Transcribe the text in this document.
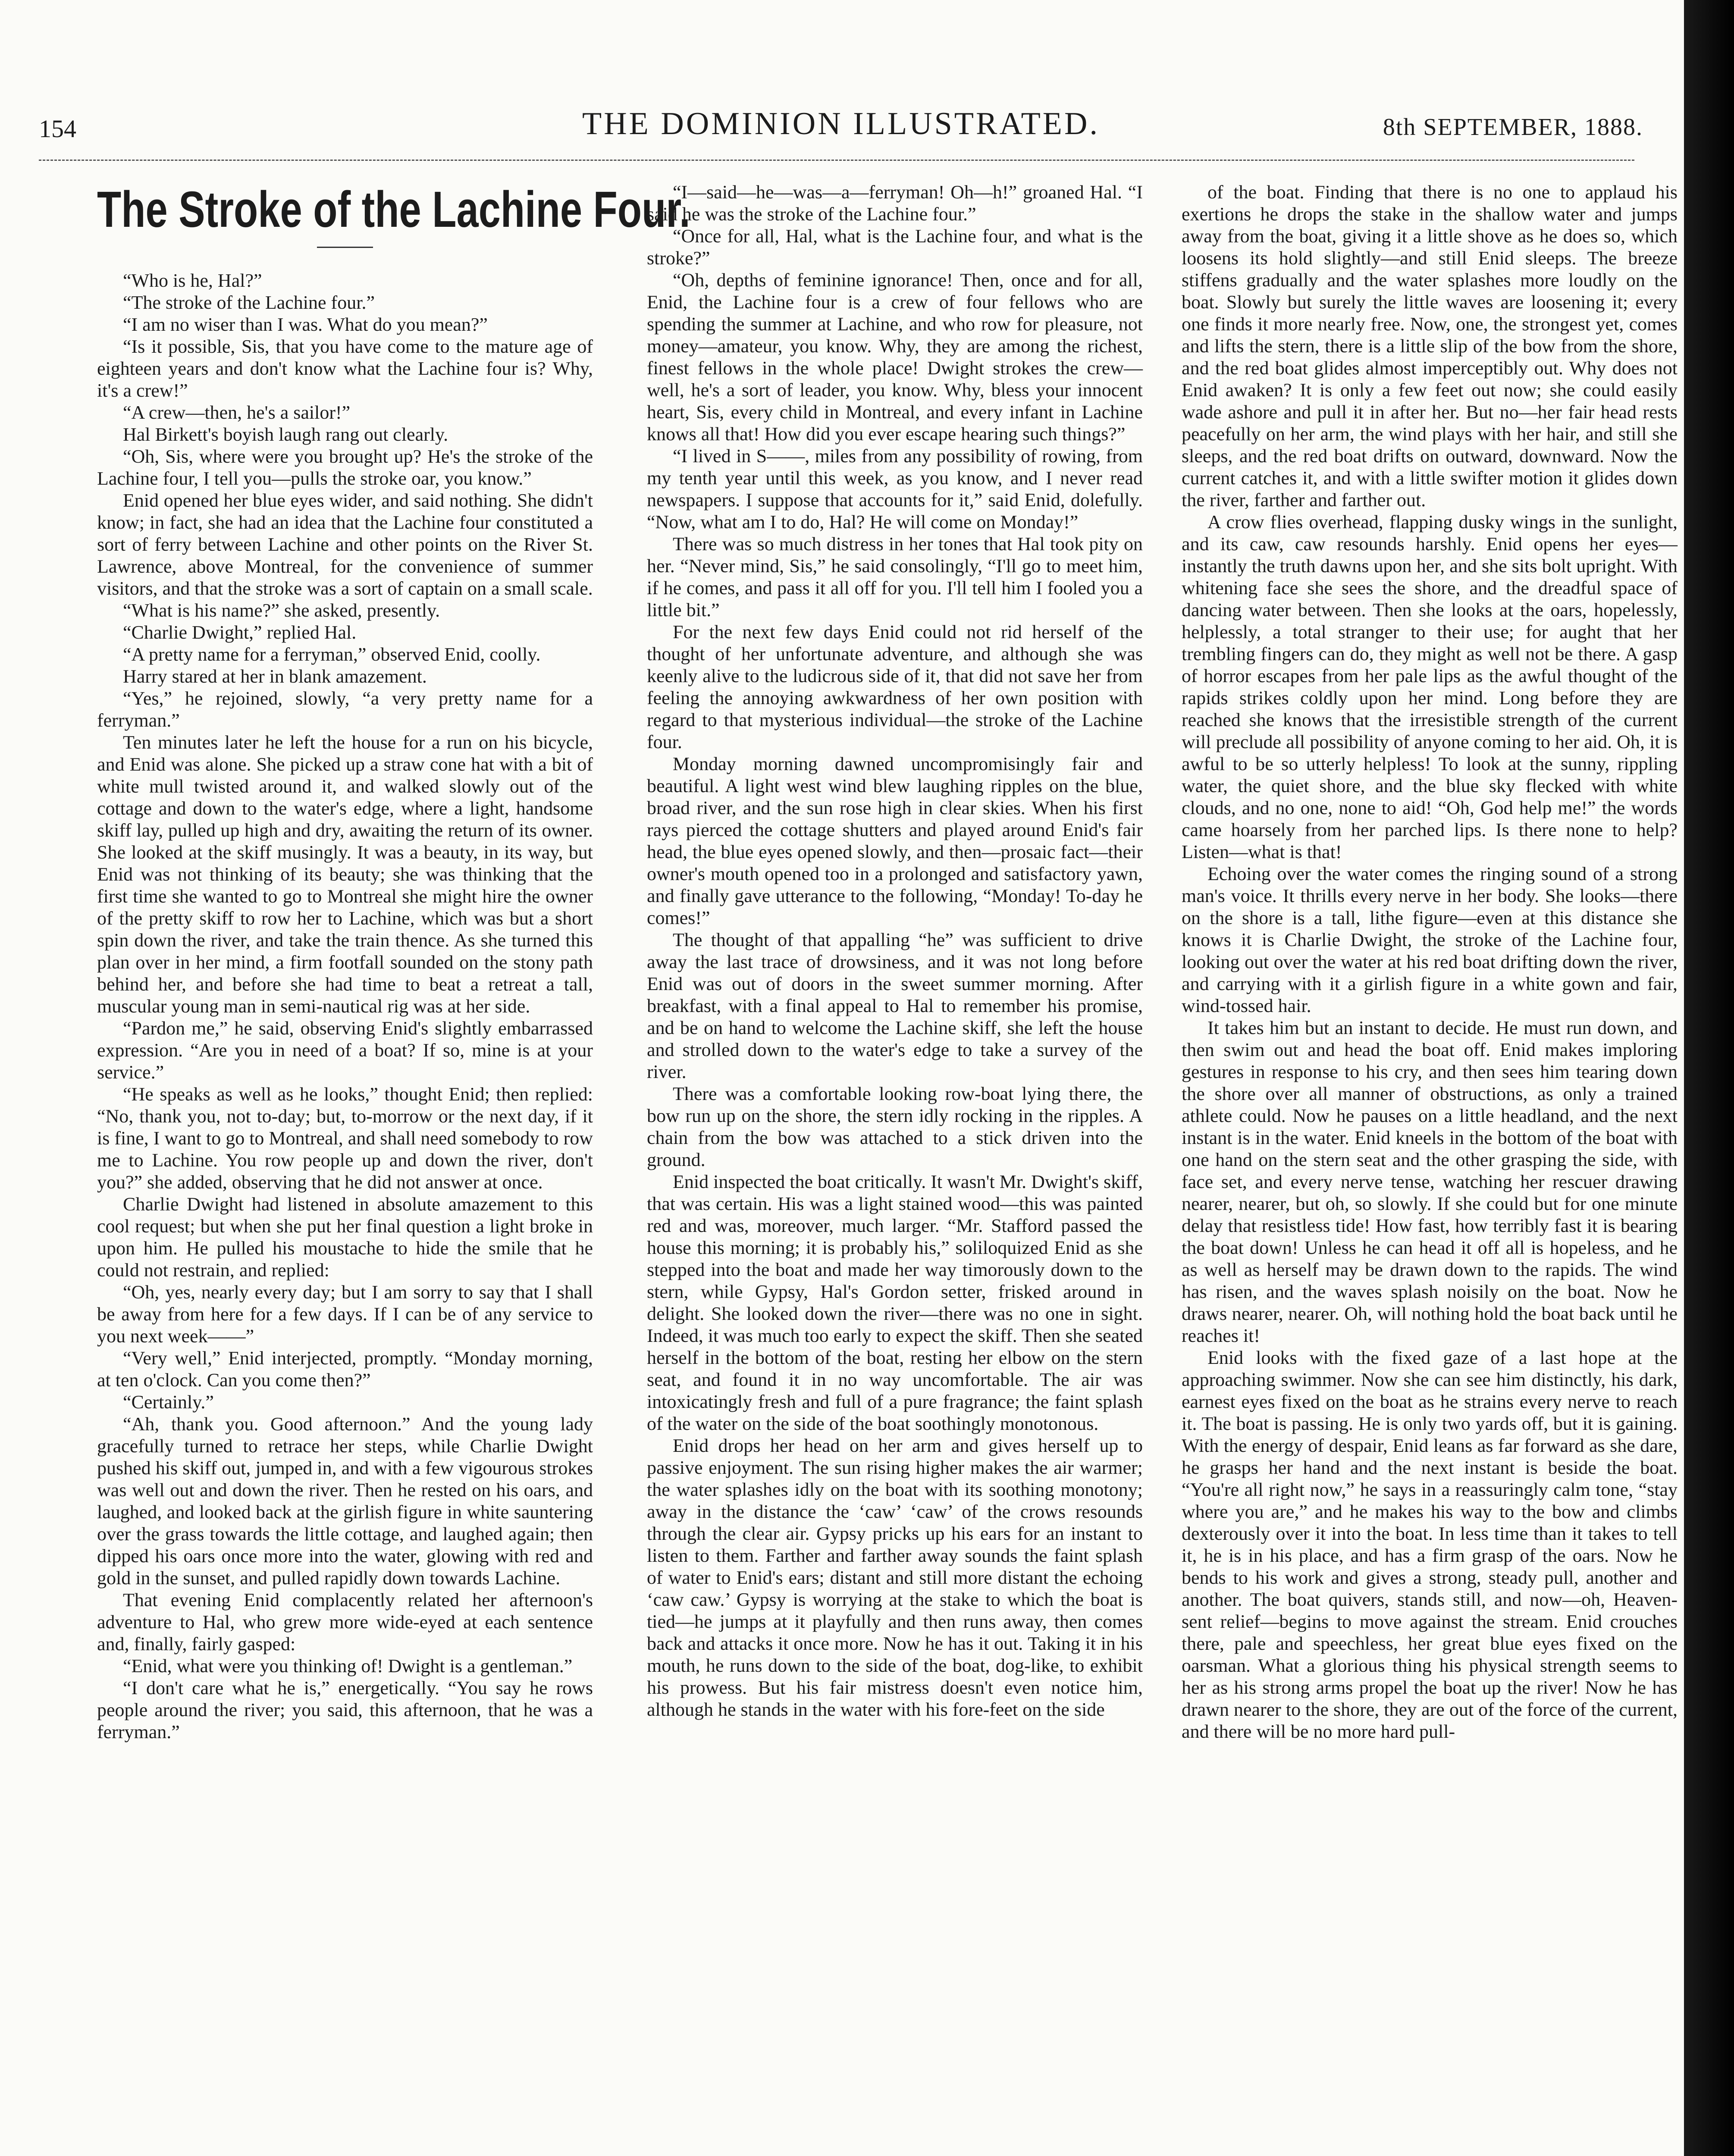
154	THE DOMINION ILLUSTRATED.	8th SEPTEMBER, 1888.
The Stroke of the Lachine Four.

“Who is he, Hal?”

“The stroke of the Lachine four.”

“I am no wiser than I was. What do you mean?”

“Is it possible, Sis, that you have come to the mature age of eighteen years and don't know what the Lachine four is? Why, it's a crew!”

“A crew—then, he's a sailor!”

Hal Birkett's boyish laugh rang out clearly.

“Oh, Sis, where were you brought up? He's the stroke of the Lachine four, I tell you—pulls the stroke oar, you know.”

Enid opened her blue eyes wider, and said nothing. She didn't know; in fact, she had an idea that the Lachine four constituted a sort of ferry between Lachine and other points on the River St. Lawrence, above Montreal, for the convenience of summer visitors, and that the stroke was a sort of captain on a small scale.

“What is his name?” she asked, presently.

“Charlie Dwight,” replied Hal.

“A pretty name for a ferryman,” observed Enid, coolly.

Harry stared at her in blank amazement.

“Yes,” he rejoined, slowly, “a very pretty name for a ferryman.”

Ten minutes later he left the house for a run on his bicycle, and Enid was alone. She picked up a straw cone hat with a bit of white mull twisted around it, and walked slowly out of the cottage and down to the water's edge, where a light, handsome skiff lay, pulled up high and dry, awaiting the return of its owner. She looked at the skiff musingly. It was a beauty, in its way, but Enid was not thinking of its beauty; she was thinking that the first time she wanted to go to Montreal she might hire the owner of the pretty skiff to row her to Lachine, which was but a short spin down the river, and take the train thence. As she turned this plan over in her mind, a firm footfall sounded on the stony path behind her, and before she had time to beat a retreat a tall, muscular young man in semi-nautical rig was at her side.

“Pardon me,” he said, observing Enid's slightly embarrassed expression. “Are you in need of a boat? If so, mine is at your service.”

“He speaks as well as he looks,” thought Enid; then replied: “No, thank you, not to-day; but, to-morrow or the next day, if it is fine, I want to go to Montreal, and shall need somebody to row me to Lachine. You row people up and down the river, don't you?” she added, observing that he did not answer at once.

Charlie Dwight had listened in absolute amazement to this cool request; but when she put her final question a light broke in upon him. He pulled his moustache to hide the smile that he could not restrain, and replied:

“Oh, yes, nearly every day; but I am sorry to say that I shall be away from here for a few days. If I can be of any service to you next week——”

“Very well,” Enid interjected, promptly. “Monday morning, at ten o'clock. Can you come then?”

“Certainly.”

“Ah, thank you. Good afternoon.” And the young lady gracefully turned to retrace her steps, while Charlie Dwight pushed his skiff out, jumped in, and with a few vigourous strokes was well out and down the river. Then he rested on his oars, and laughed, and looked back at the girlish figure in white sauntering over the grass towards the little cottage, and laughed again; then dipped his oars once more into the water, glowing with red and gold in the sunset, and pulled rapidly down towards Lachine.

That evening Enid complacently related her afternoon's adventure to Hal, who grew more wide-eyed at each sentence and, finally, fairly gasped:

“Enid, what were you thinking of! Dwight is a gentleman.”

“I don't care what he is,” energetically. “You say he rows people around the river; you said, this afternoon, that he was a ferryman.”

“I—said—he—was—a—ferryman! Oh—h!” groaned Hal. “I said he was the stroke of the Lachine four.”

“Once for all, Hal, what is the Lachine four, and what is the stroke?”

“Oh, depths of feminine ignorance! Then, once and for all, Enid, the Lachine four is a crew of four fellows who are spending the summer at Lachine, and who row for pleasure, not money—amateur, you know. Why, they are among the richest, finest fellows in the whole place! Dwight strokes the crew—well, he's a sort of leader, you know. Why, bless your innocent heart, Sis, every child in Montreal, and every infant in Lachine knows all that! How did you ever escape hearing such things?”

“I lived in S——, miles from any possibility of rowing, from my tenth year until this week, as you know, and I never read newspapers. I suppose that accounts for it,” said Enid, dolefully. “Now, what am I to do, Hal? He will come on Monday!”

There was so much distress in her tones that Hal took pity on her. “Never mind, Sis,” he said consolingly, “I'll go to meet him, if he comes, and pass it all off for you. I'll tell him I fooled you a little bit.”

For the next few days Enid could not rid herself of the thought of her unfortunate adventure, and although she was keenly alive to the ludicrous side of it, that did not save her from feeling the annoying awkwardness of her own position with regard to that mysterious individual—the stroke of the Lachine four.

Monday morning dawned uncompromisingly fair and beautiful. A light west wind blew laughing ripples on the blue, broad river, and the sun rose high in clear skies. When his first rays pierced the cottage shutters and played around Enid's fair head, the blue eyes opened slowly, and then—prosaic fact—their owner's mouth opened too in a prolonged and satisfactory yawn, and finally gave utterance to the following, “Monday! To-day he comes!”

The thought of that appalling “he” was sufficient to drive away the last trace of drowsiness, and it was not long before Enid was out of doors in the sweet summer morning. After breakfast, with a final appeal to Hal to remember his promise, and be on hand to welcome the Lachine skiff, she left the house and strolled down to the water's edge to take a survey of the river.

There was a comfortable looking row-boat lying there, the bow run up on the shore, the stern idly rocking in the ripples. A chain from the bow was attached to a stick driven into the ground.

Enid inspected the boat critically. It wasn't Mr. Dwight's skiff, that was certain. His was a light stained wood—this was painted red and was, moreover, much larger. “Mr. Stafford passed the house this morning; it is probably his,” soliloquized Enid as she stepped into the boat and made her way timorously down to the stern, while Gypsy, Hal's Gordon setter, frisked around in delight. She looked down the river—there was no one in sight. Indeed, it was much too early to expect the skiff. Then she seated herself in the bottom of the boat, resting her elbow on the stern seat, and found it in no way uncomfortable. The air was intoxicatingly fresh and full of a pure fragrance; the faint splash of the water on the side of the boat soothingly monotonous.

Enid drops her head on her arm and gives herself up to passive enjoyment. The sun rising higher makes the air warmer; the water splashes idly on the boat with its soothing monotony; away in the distance the ‘caw’ ‘caw’ of the crows resounds through the clear air. Gypsy pricks up his ears for an instant to listen to them. Farther and farther away sounds the faint splash of water to Enid's ears; distant and still more distant the echoing ‘caw caw.’ Gypsy is worrying at the stake to which the boat is tied—he jumps at it playfully and then runs away, then comes back and attacks it once more. Now he has it out. Taking it in his mouth, he runs down to the side of the boat, dog-like, to exhibit his prowess. But his fair mistress doesn't even notice him, although he stands in the water with his fore-feet on the side

of the boat. Finding that there is no one to applaud his exertions he drops the stake in the shallow water and jumps away from the boat, giving it a little shove as he does so, which loosens its hold slightly—and still Enid sleeps. The breeze stiffens gradually and the water splashes more loudly on the boat. Slowly but surely the little waves are loosening it; every one finds it more nearly free. Now, one, the strongest yet, comes and lifts the stern, there is a little slip of the bow from the shore, and the red boat glides almost imperceptibly out. Why does not Enid awaken? It is only a few feet out now; she could easily wade ashore and pull it in after her. But no—her fair head rests peacefully on her arm, the wind plays with her hair, and still she sleeps, and the red boat drifts on outward, downward. Now the current catches it, and with a little swifter motion it glides down the river, farther and farther out.

A crow flies overhead, flapping dusky wings in the sunlight, and its caw, caw resounds harshly. Enid opens her eyes—instantly the truth dawns upon her, and she sits bolt upright. With whitening face she sees the shore, and the dreadful space of dancing water between. Then she looks at the oars, hopelessly, helplessly, a total stranger to their use; for aught that her trembling fingers can do, they might as well not be there. A gasp of horror escapes from her pale lips as the awful thought of the rapids strikes coldly upon her mind. Long before they are reached she knows that the irresistible strength of the current will preclude all possibility of anyone coming to her aid. Oh, it is awful to be so utterly helpless! To look at the sunny, rippling water, the quiet shore, and the blue sky flecked with white clouds, and no one, none to aid! “Oh, God help me!” the words came hoarsely from her parched lips. Is there none to help? Listen—what is that!

Echoing over the water comes the ringing sound of a strong man's voice. It thrills every nerve in her body. She looks—there on the shore is a tall, lithe figure—even at this distance she knows it is Charlie Dwight, the stroke of the Lachine four, looking out over the water at his red boat drifting down the river, and carrying with it a girlish figure in a white gown and fair, wind-tossed hair.

It takes him but an instant to decide. He must run down, and then swim out and head the boat off. Enid makes imploring gestures in response to his cry, and then sees him tearing down the shore over all manner of obstructions, as only a trained athlete could. Now he pauses on a little headland, and the next instant is in the water. Enid kneels in the bottom of the boat with one hand on the stern seat and the other grasping the side, with face set, and every nerve tense, watching her rescuer drawing nearer, nearer, but oh, so slowly. If she could but for one minute delay that resistless tide! How fast, how terribly fast it is bearing the boat down! Unless he can head it off all is hopeless, and he as well as herself may be drawn down to the rapids. The wind has risen, and the waves splash noisily on the boat. Now he draws nearer, nearer. Oh, will nothing hold the boat back until he reaches it!

Enid looks with the fixed gaze of a last hope at the approaching swimmer. Now she can see him distinctly, his dark, earnest eyes fixed on the boat as he strains every nerve to reach it. The boat is passing. He is only two yards off, but it is gaining. With the energy of despair, Enid leans as far forward as she dare, he grasps her hand and the next instant is beside the boat. “You're all right now,” he says in a reassuringly calm tone, “stay where you are,” and he makes his way to the bow and climbs dexterously over it into the boat. In less time than it takes to tell it, he is in his place, and has a firm grasp of the oars. Now he bends to his work and gives a strong, steady pull, another and another. The boat quivers, stands still, and now—oh, Heaven-sent relief—begins to move against the stream. Enid crouches there, pale and speechless, her great blue eyes fixed on the oarsman. What a glorious thing his physical strength seems to her as his strong arms propel the boat up the river! Now he has drawn nearer to the shore, they are out of the force of the current, and there will be no more hard pull-
